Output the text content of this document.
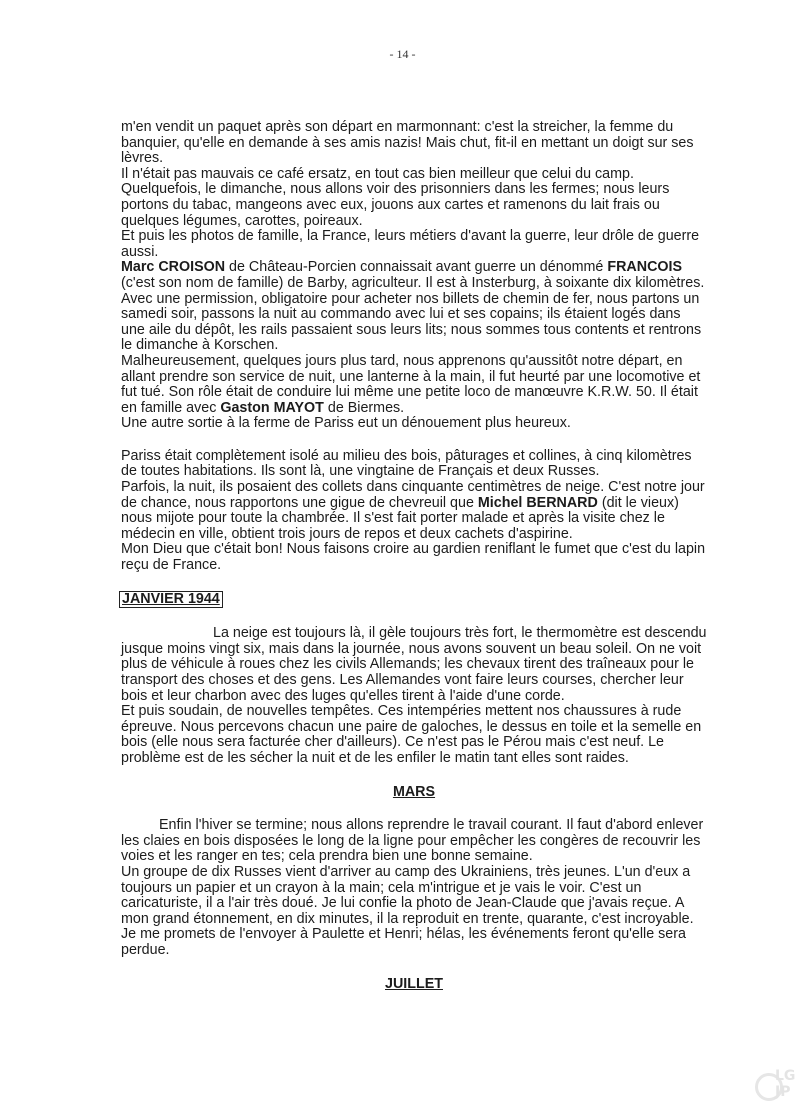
- 14 -

m'en vendit un paquet après son départ en marmonnant: c'est la streicher, la femme du banquier, qu'elle en demande à ses amis nazis! Mais chut, fit-il en mettant un doigt sur ses lèvres.

Il n'était pas mauvais ce café ersatz, en tout cas bien meilleur que celui du camp.

Quelquefois, le dimanche, nous allons voir des prisonniers dans les fermes; nous leurs portons du tabac, mangeons avec eux, jouons aux cartes et ramenons du lait frais ou quelques légumes, carottes, poireaux.

Et puis les photos de famille, la France, leurs métiers d'avant la guerre, leur drôle de guerre aussi.

Marc CROISON de Château-Porcien connaissait avant guerre un dénommé FRANCOIS (c'est son nom de famille) de Barby, agriculteur. Il est à Insterburg, à soixante dix kilomètres.

Avec une permission, obligatoire pour acheter nos billets de chemin de fer, nous partons un samedi soir, passons la nuit au commando avec lui et ses copains; ils étaient logés dans une aile du dépôt, les rails passaient sous leurs lits; nous sommes tous contents et rentrons le dimanche à Korschen.

Malheureusement, quelques jours plus tard, nous apprenons qu'aussitôt notre départ, en allant prendre son service de nuit, une lanterne à la main, il fut heurté par une locomotive et fut tué. Son rôle était de conduire lui même une petite loco de manœuvre K.R.W. 50. Il était en famille avec Gaston MAYOT de Biermes.

Une autre sortie à la ferme de Pariss eut un dénouement plus heureux.

Pariss était complètement isolé au milieu des bois, pâturages et collines, à cinq kilomètres de toutes habitations. Ils sont là, une vingtaine de Français et deux Russes.

Parfois, la nuit, ils posaient des collets dans cinquante centimètres de neige. C'est notre jour de chance, nous rapportons une gigue de chevreuil que Michel BERNARD (dit le vieux) nous mijote pour toute la chambrée. Il s'est fait porter malade et après la visite chez le médecin en ville, obtient trois jours de repos et deux cachets d'aspirine.

Mon Dieu que c'était bon! Nous faisons croire au gardien reniflant le fumet que c'est du lapin reçu de France.

JANVIER 1944

La neige est toujours là, il gèle toujours très fort, le thermomètre est descendu jusque moins vingt six, mais dans la journée, nous avons souvent un beau soleil. On ne voit plus de véhicule à roues chez les civils Allemands; les chevaux tirent des traîneaux pour le transport des choses et des gens. Les Allemandes vont faire leurs courses, chercher leur bois et leur charbon avec des luges qu'elles tirent à l'aide d'une corde.

Et puis soudain, de nouvelles tempêtes. Ces intempéries mettent nos chaussures à rude épreuve. Nous percevons chacun une paire de galoches, le dessus en toile et la semelle en bois (elle nous sera facturée cher d'ailleurs). Ce n'est pas le Pérou mais c'est neuf. Le problème est de les sécher la nuit et de les enfiler le matin tant elles sont raides.

MARS

Enfin l'hiver se termine; nous allons reprendre le travail courant. Il faut d'abord enlever les claies en bois disposées le long de la ligne pour empêcher les congères de recouvrir les voies et les ranger en tes; cela prendra bien une bonne semaine.

Un groupe de dix Russes vient d'arriver au camp des Ukrainiens, très jeunes. L'un d'eux a toujours un papier et un crayon à la main; cela m'intrigue et je vais le voir. C'est un caricaturiste, il a l'air très doué. Je lui confie la photo de Jean-Claude que j'avais reçue. A mon grand étonnement, en dix minutes, il la reproduit en trente, quarante, c'est incroyable. Je me promets de l'envoyer à Paulette et Henri; hélas, les événements feront qu'elle sera perdue.

JUILLET

LG
JP
